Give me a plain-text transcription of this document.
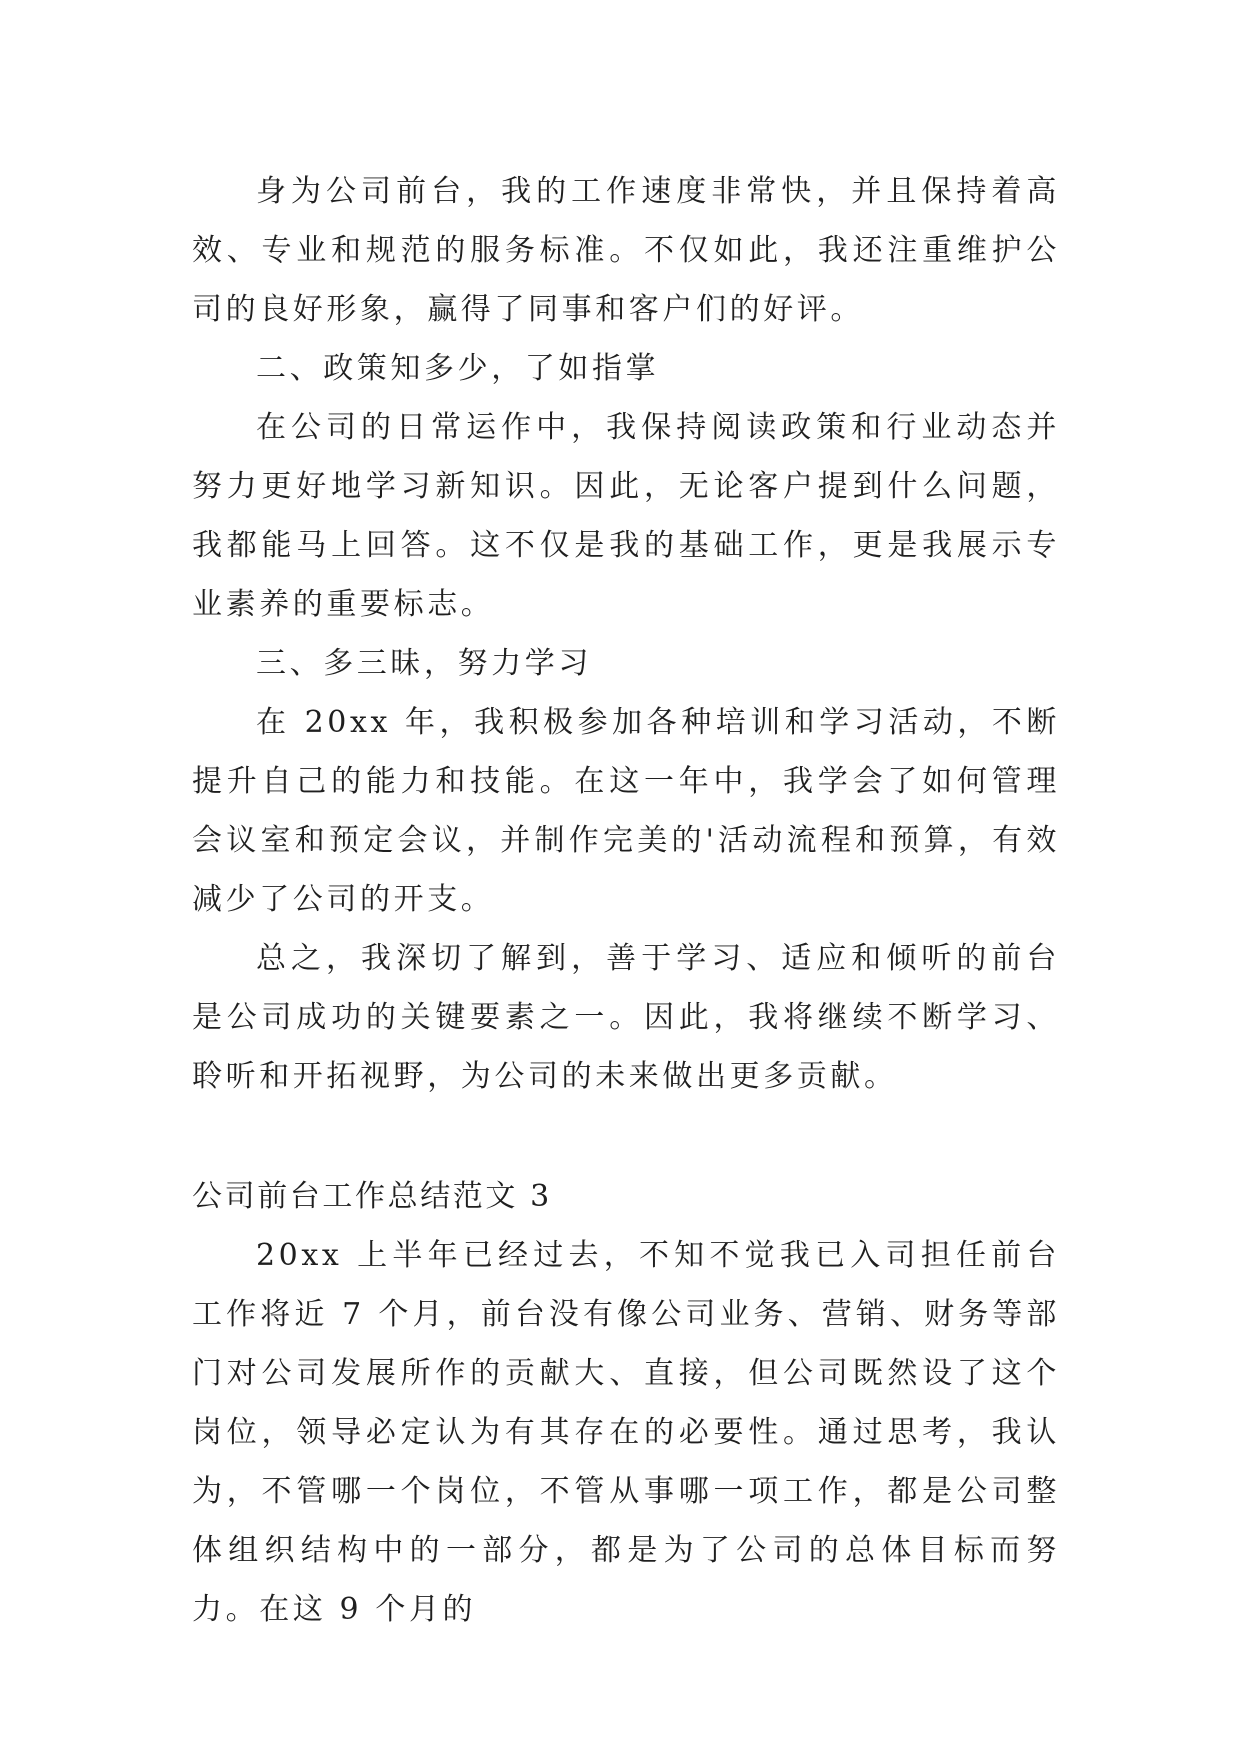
身为公司前台，我的工作速度非常快，并且保持着高效、专业和规范的服务标准。不仅如此，我还注重维护公司的良好形象，赢得了同事和客户们的好评。

二、政策知多少，了如指掌

在公司的日常运作中，我保持阅读政策和行业动态并努力更好地学习新知识。因此，无论客户提到什么问题，我都能马上回答。这不仅是我的基础工作，更是我展示专业素养的重要标志。

三、多三昧，努力学习

在 20xx 年，我积极参加各种培训和学习活动，不断提升自己的能力和技能。在这一年中，我学会了如何管理会议室和预定会议，并制作完美的'活动流程和预算，有效减少了公司的开支。

总之，我深切了解到，善于学习、适应和倾听的前台是公司成功的关键要素之一。因此，我将继续不断学习、聆听和开拓视野，为公司的未来做出更多贡献。

公司前台工作总结范文 3

20xx 上半年已经过去，不知不觉我已入司担任前台工作将近 7 个月，前台没有像公司业务、营销、财务等部门对公司发展所作的贡献大、直接，但公司既然设了这个岗位，领导必定认为有其存在的必要性。通过思考，我认为，不管哪一个岗位，不管从事哪一项工作，都是公司整体组织结构中的一部分，都是为了公司的总体目标而努力。在这 9 个月的
